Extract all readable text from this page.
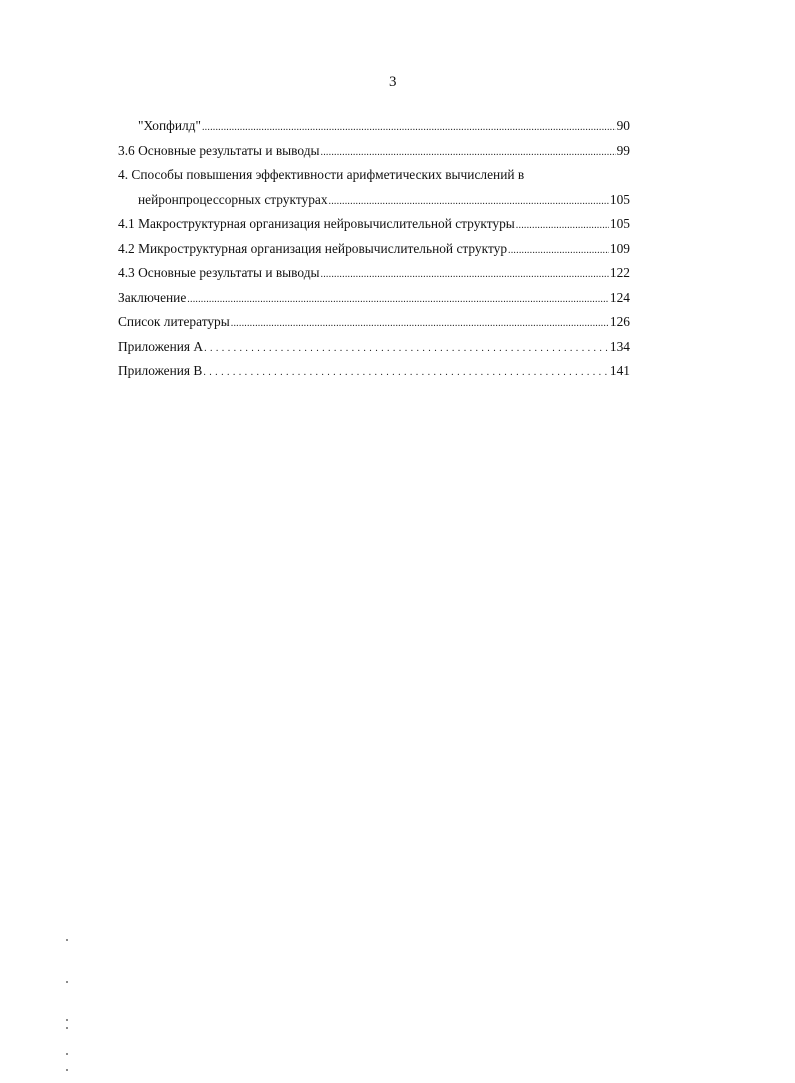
3
"Хопфилд" .....	90
3.6 Основные результаты и выводы .....	99
4. Способы повышения эффективности арифметических вычислений в
нейронпроцессорных структурах .....	105
4.1 Макроструктурная организация нейровычислительной структуры .....	105
4.2 Микроструктурная организация нейровычислительной структур .....	109
4.3 Основные результаты и выводы .....	122
Заключение .....	124
Список литературы .....	126
Приложения А .....	134
Приложения В .....	141
